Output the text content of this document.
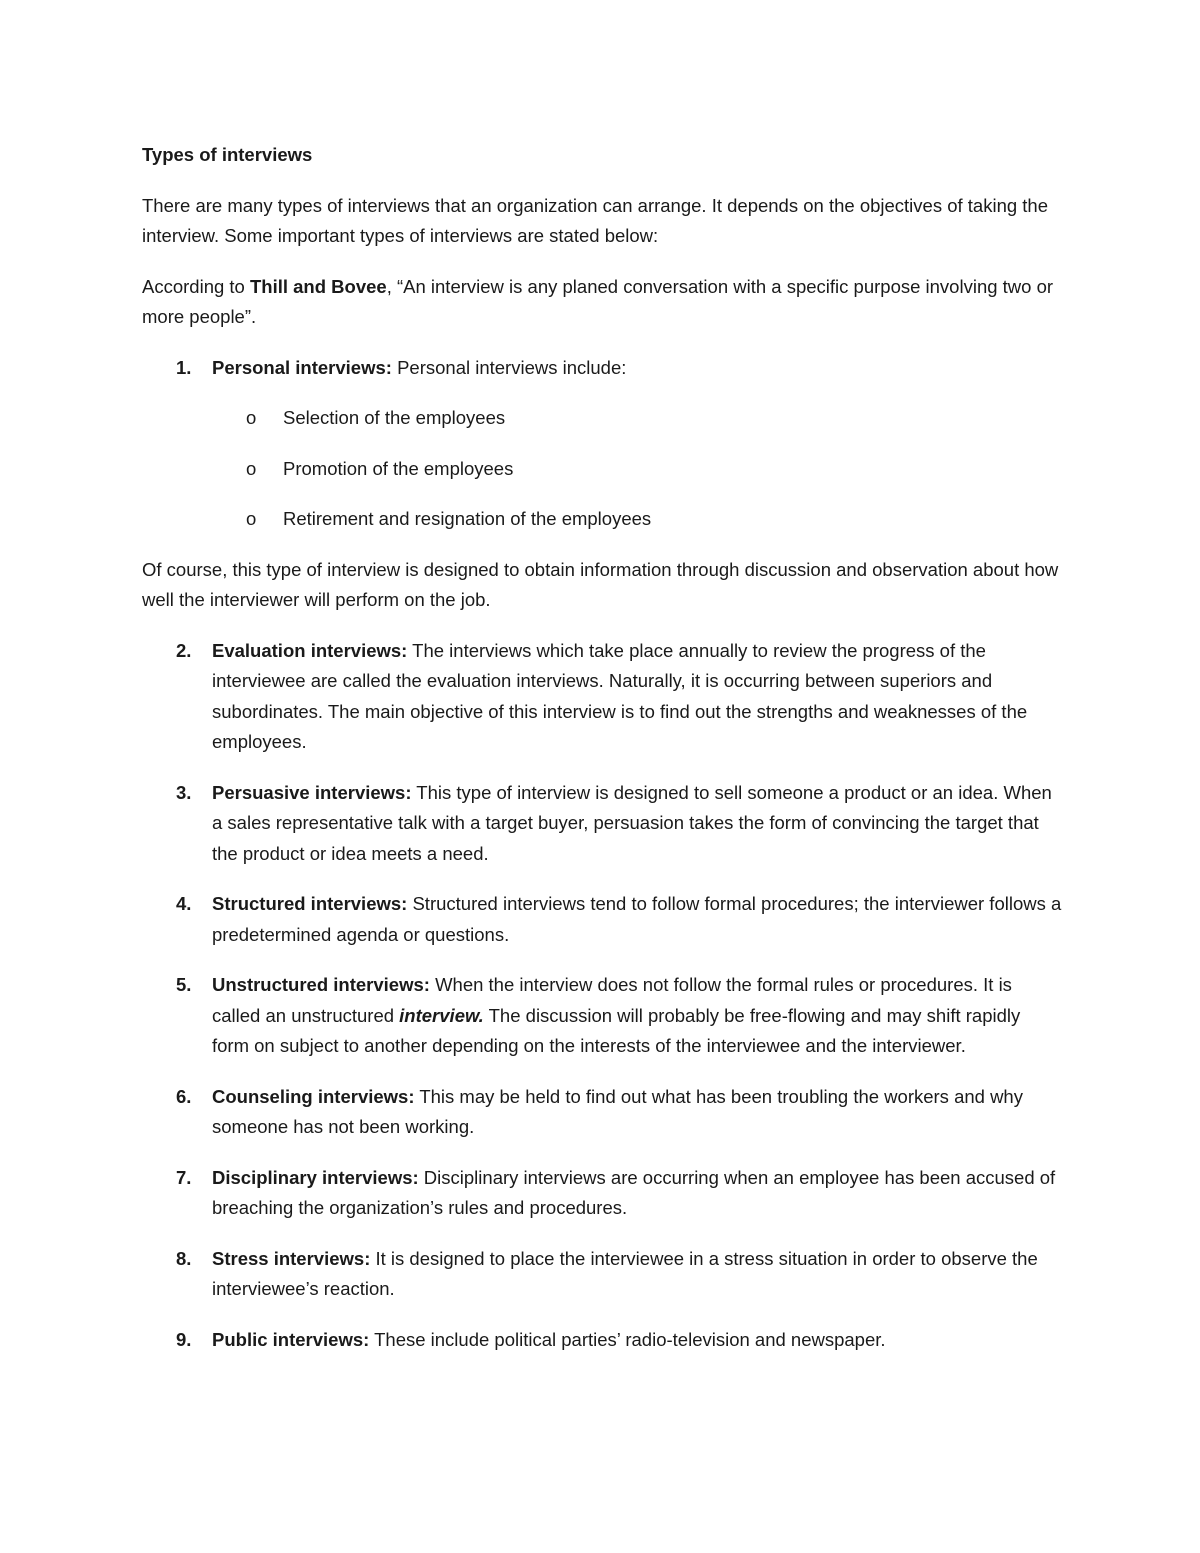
Types of interviews
There are many types of interviews that an organization can arrange. It depends on the objectives of taking the interview. Some important types of interviews are stated below:
According to Thill and Bovee, “An interview is any planed conversation with a specific purpose involving two or more people”.
1. Personal interviews: Personal interviews include:
o Selection of the employees
o Promotion of the employees
o Retirement and resignation of the employees
Of course, this type of interview is designed to obtain information through discussion and observation about how well the interviewer will perform on the job.
2. Evaluation interviews: The interviews which take place annually to review the progress of the interviewee are called the evaluation interviews. Naturally, it is occurring between superiors and subordinates. The main objective of this interview is to find out the strengths and weaknesses of the employees.
3. Persuasive interviews: This type of interview is designed to sell someone a product or an idea. When a sales representative talk with a target buyer, persuasion takes the form of convincing the target that the product or idea meets a need.
4. Structured interviews: Structured interviews tend to follow formal procedures; the interviewer follows a predetermined agenda or questions.
5. Unstructured interviews: When the interview does not follow the formal rules or procedures. It is called an unstructured interview. The discussion will probably be free-flowing and may shift rapidly form on subject to another depending on the interests of the interviewee and the interviewer.
6. Counseling interviews: This may be held to find out what has been troubling the workers and why someone has not been working.
7. Disciplinary interviews: Disciplinary interviews are occurring when an employee has been accused of breaching the organization’s rules and procedures.
8. Stress interviews: It is designed to place the interviewee in a stress situation in order to observe the interviewee’s reaction.
9. Public interviews: These include political parties’ radio-television and newspaper.
